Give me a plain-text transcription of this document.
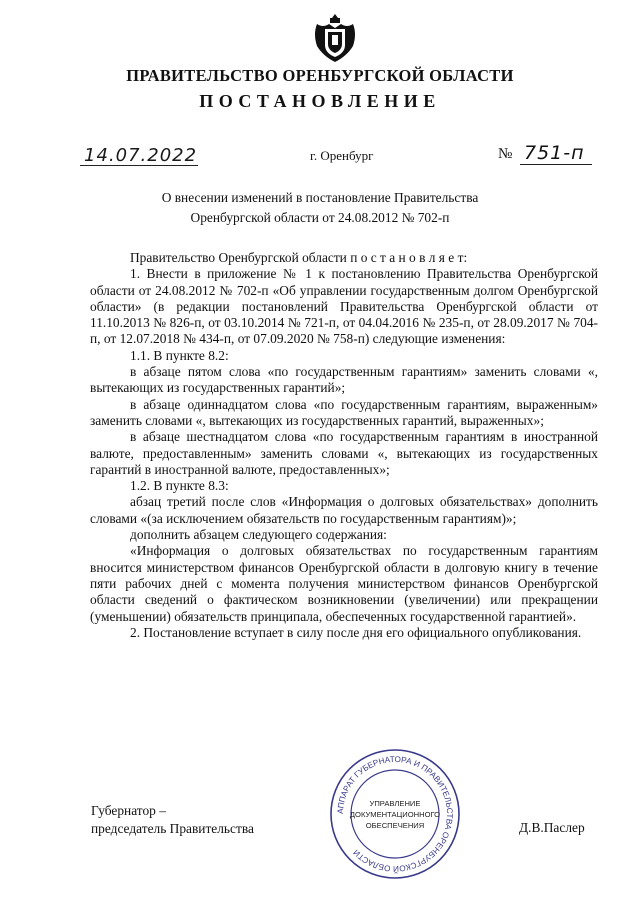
ПРАВИТЕЛЬСТВО ОРЕНБУРГСКОЙ ОБЛАСТИ
ПОСТАНОВЛЕНИЕ
14.07.2022	г. Оренбург	№ 751-п
О внесении изменений в постановление Правительства
Оренбургской области от 24.08.2012 № 702-п

Правительство Оренбургской области п о с т а н о в л я е т:

1. Внести в приложение № 1 к постановлению Правительства Оренбургской области от 24.08.2012 № 702-п «Об управлении государственным долгом Оренбургской области» (в редакции постановлений Правительства Оренбургской области от 11.10.2013 № 826-п, от 03.10.2014 № 721-п, от 04.04.2016 № 235-п, от 28.09.2017 № 704-п, от 12.07.2018 № 434-п, от 07.09.2020 № 758-п) следующие изменения:

1.1. В пункте 8.2:

в абзаце пятом слова «по государственным гарантиям» заменить словами «, вытекающих из государственных гарантий»;

в абзаце одиннадцатом слова «по государственным гарантиям, выраженным» заменить словами «, вытекающих из государственных гарантий, выраженных»;

в абзаце шестнадцатом слова «по государственным гарантиям в иностранной валюте, предоставленным» заменить словами «, вытекающих из государственных гарантий в иностранной валюте, предоставленных»;

1.2. В пункте 8.3:

абзац третий после слов «Информация о долговых обязательствах» дополнить словами «(за исключением обязательств по государственным гарантиям)»;

дополнить абзацем следующего содержания:

«Информация о долговых обязательствах по государственным гарантиям вносится министерством финансов Оренбургской области в долговую книгу в течение пяти рабочих дней с момента получения министерством финансов Оренбургской области сведений о фактическом возникновении (увеличении) или прекращении (уменьшении) обязательств принципала, обеспеченных государственной гарантией».

2. Постановление вступает в силу после дня его официального опубликования.

АППАРАТ ГУБЕРНАТОРА И ПРАВИТЕЛЬСТВА ОРЕНБУРГСКОЙ ОБЛАСТИ
УПРАВЛЕНИЕ
ДОКУМЕНТАЦИОННОГО
ОБЕСПЕЧЕНИЯ
Губернатор –
председатель Правительства	Д.В.Паслер
